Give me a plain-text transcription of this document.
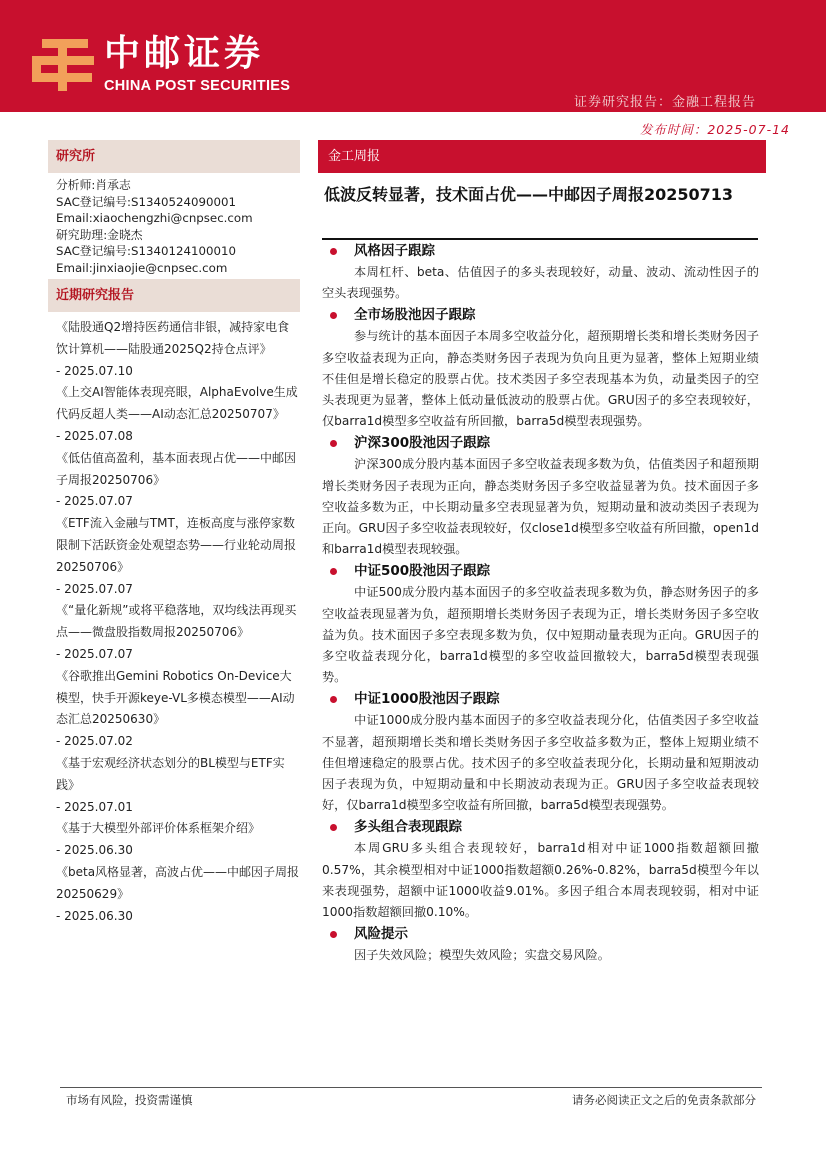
中邮证券
CHINA POST SECURITIES
证券研究报告：金融工程报告
发布时间：2025-07-14
研究所
分析师:肖承志
SAC登记编号:S1340524090001
Email:xiaochengzhi@cnpsec.com
研究助理:金晓杰
SAC登记编号:S1340124100010
Email:jinxiaojie@cnpsec.com
近期研究报告
《陆股通Q2增持医药通信非银，减持家电食饮计算机——陆股通2025Q2持仓点评》
- 2025.07.10
《上交AI智能体表现亮眼，AlphaEvolve生成代码反超人类——AI动态汇总20250707》
- 2025.07.08
《低估值高盈利，基本面表现占优——中邮因子周报20250706》
- 2025.07.07
《ETF流入金融与TMT，连板高度与涨停家数限制下活跃资金处观望态势——行业轮动周报20250706》
- 2025.07.07
《“量化新规”或将平稳落地，双均线法再现买点——微盘股指数周报20250706》
- 2025.07.07
《谷歌推出Gemini Robotics On-Device大模型，快手开源keye-VL多模态模型——AI动态汇总20250630》
- 2025.07.02
《基于宏观经济状态划分的BL模型与ETF实践》
- 2025.07.01
《基于大模型外部评价体系框架介绍》
- 2025.06.30
《beta风格显著，高波占优——中邮因子周报20250629》
- 2025.06.30
金工周报
低波反转显著，技术面占优——中邮因子周报20250713
风格因子跟踪

本周杠杆、beta、估值因子的多头表现较好，动量、波动、流动性因子的空头表现强势。

全市场股池因子跟踪

参与统计的基本面因子本周多空收益分化，超预期增长类和增长类财务因子多空收益表现为正向，静态类财务因子表现为负向且更为显著，整体上短期业绩不佳但是增长稳定的股票占优。技术类因子多空表现基本为负，动量类因子的空头表现更为显著，整体上低动量低波动的股票占优。GRU因子的多空表现较好，仅barra1d模型多空收益有所回撤，barra5d模型表现强势。

沪深300股池因子跟踪

沪深300成分股内基本面因子多空收益表现多数为负，估值类因子和超预期增长类财务因子表现为正向，静态类财务因子多空收益显著为负。技术面因子多空收益多数为正，中长期动量多空表现显著为负，短期动量和波动类因子表现为正向。GRU因子多空收益表现较好，仅close1d模型多空收益有所回撤，open1d和barra1d模型表现较强。

中证500股池因子跟踪

中证500成分股内基本面因子的多空收益表现多数为负，静态财务因子的多空收益表现显著为负，超预期增长类财务因子表现为正，增长类财务因子多空收益为负。技术面因子多空表现多数为负，仅中短期动量表现为正向。GRU因子的多空收益表现分化，barra1d模型的多空收益回撤较大，barra5d模型表现强势。

中证1000股池因子跟踪

中证1000成分股内基本面因子的多空收益表现分化，估值类因子多空收益不显著，超预期增长类和增长类财务因子多空收益多数为正，整体上短期业绩不佳但增速稳定的股票占优。技术因子的多空收益表现分化，长期动量和短期波动因子表现为负，中短期动量和中长期波动表现为正。GRU因子多空收益表现较好，仅barra1d模型多空收益有所回撤，barra5d模型表现强势。

多头组合表现跟踪

本周GRU多头组合表现较好，barra1d相对中证1000指数超额回撤0.57%，其余模型相对中证1000指数超额0.26%-0.82%，barra5d模型今年以来表现强势，超额中证1000收益9.01%。多因子组合本周表现较弱，相对中证1000指数超额回撤0.10%。

风险提示

因子失效风险；模型失效风险；实盘交易风险。

市场有风险，投资需谨慎	请务必阅读正文之后的免责条款部分
